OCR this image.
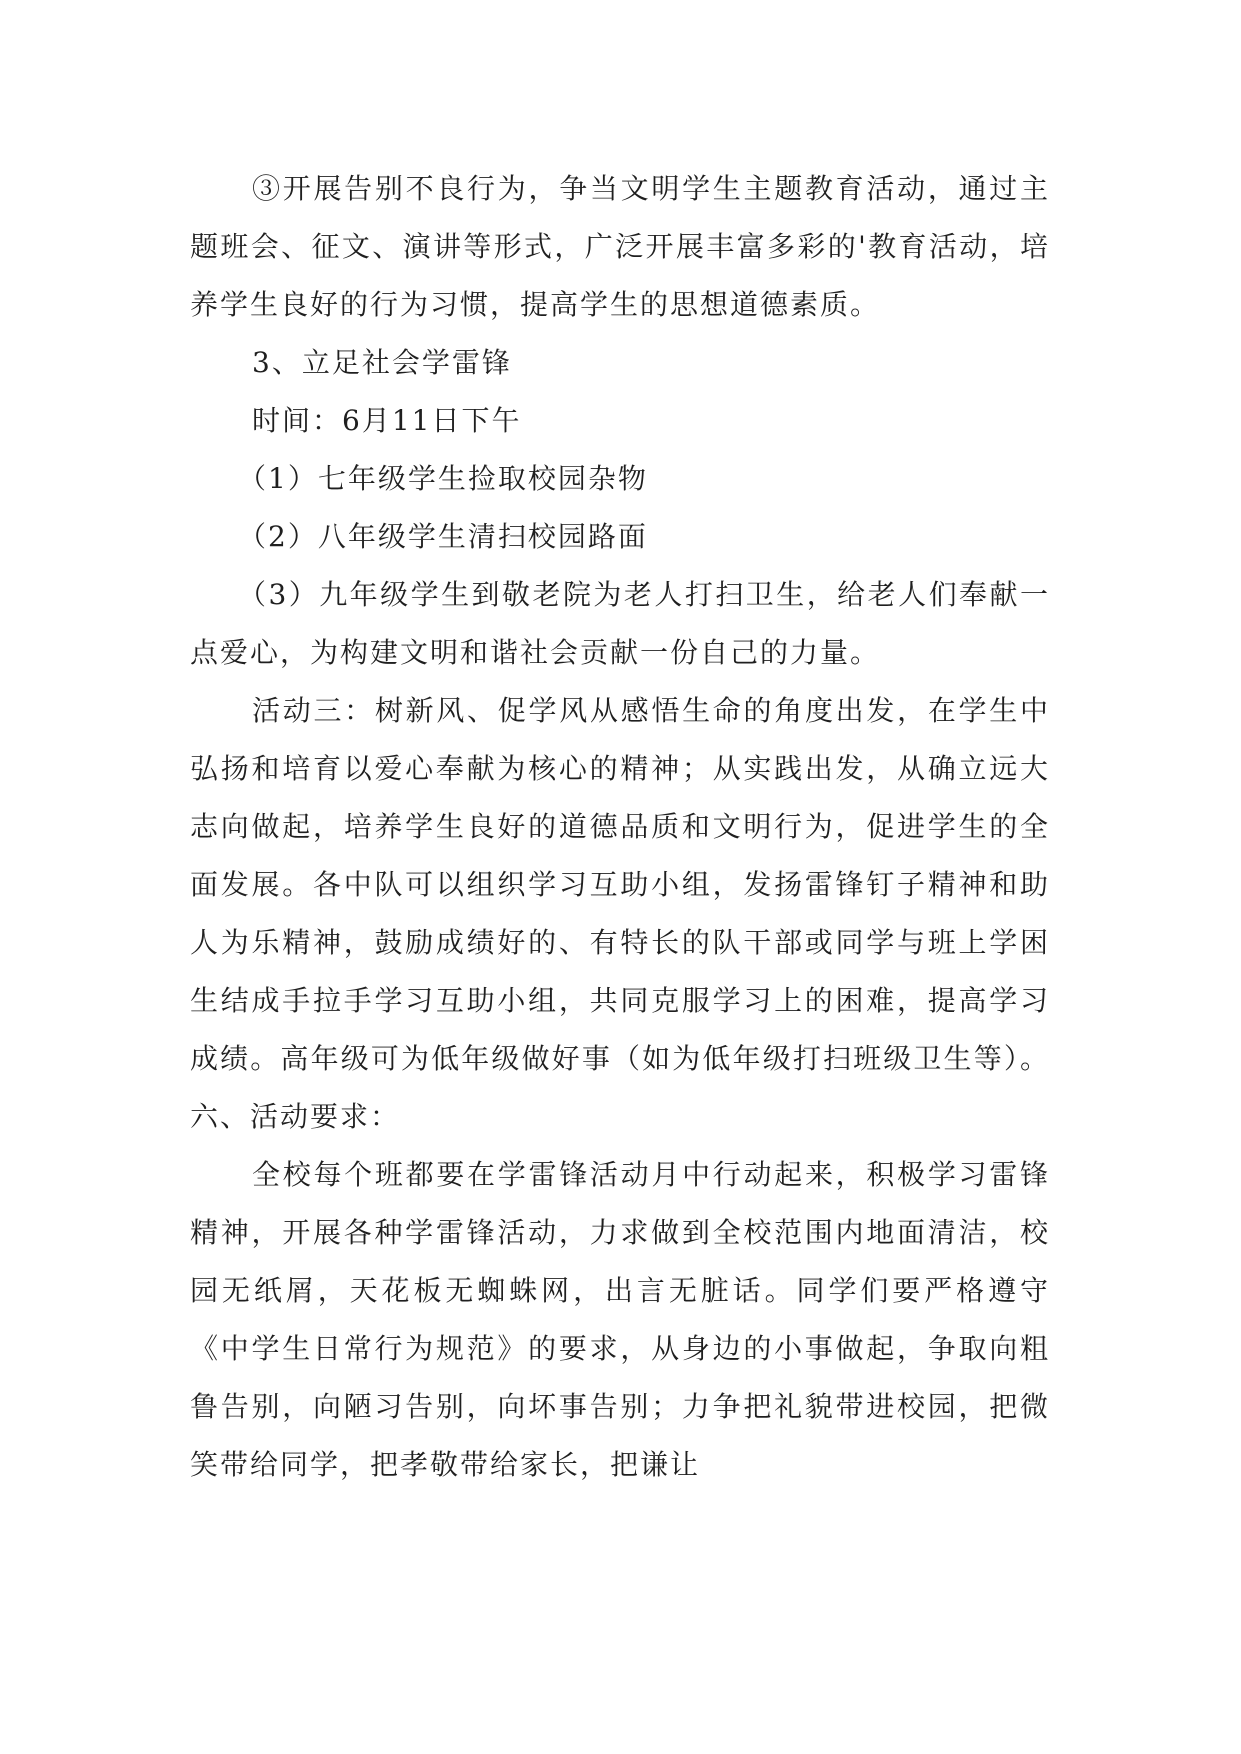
③开展告别不良行为，争当文明学生主题教育活动，通过主题班会、征文、演讲等形式，广泛开展丰富多彩的'教育活动，培养学生良好的行为习惯，提高学生的思想道德素质。

3、立足社会学雷锋

时间：6月11日下午

（1）七年级学生捡取校园杂物

（2）八年级学生清扫校园路面

（3）九年级学生到敬老院为老人打扫卫生，给老人们奉献一点爱心，为构建文明和谐社会贡献一份自己的力量。

活动三：树新风、促学风从感悟生命的角度出发，在学生中弘扬和培育以爱心奉献为核心的精神；从实践出发，从确立远大志向做起，培养学生良好的道德品质和文明行为，促进学生的全面发展。各中队可以组织学习互助小组，发扬雷锋钉子精神和助人为乐精神，鼓励成绩好的、有特长的队干部或同学与班上学困生结成手拉手学习互助小组，共同克服学习上的困难，提高学习成绩。高年级可为低年级做好事（如为低年级打扫班级卫生等）。六、活动要求：

全校每个班都要在学雷锋活动月中行动起来，积极学习雷锋精神，开展各种学雷锋活动，力求做到全校范围内地面清洁，校园无纸屑，天花板无蜘蛛网，出言无脏话。同学们要严格遵守《中学生日常行为规范》的要求，从身边的小事做起，争取向粗鲁告别，向陋习告别，向坏事告别；力争把礼貌带进校园，把微笑带给同学，把孝敬带给家长，把谦让
